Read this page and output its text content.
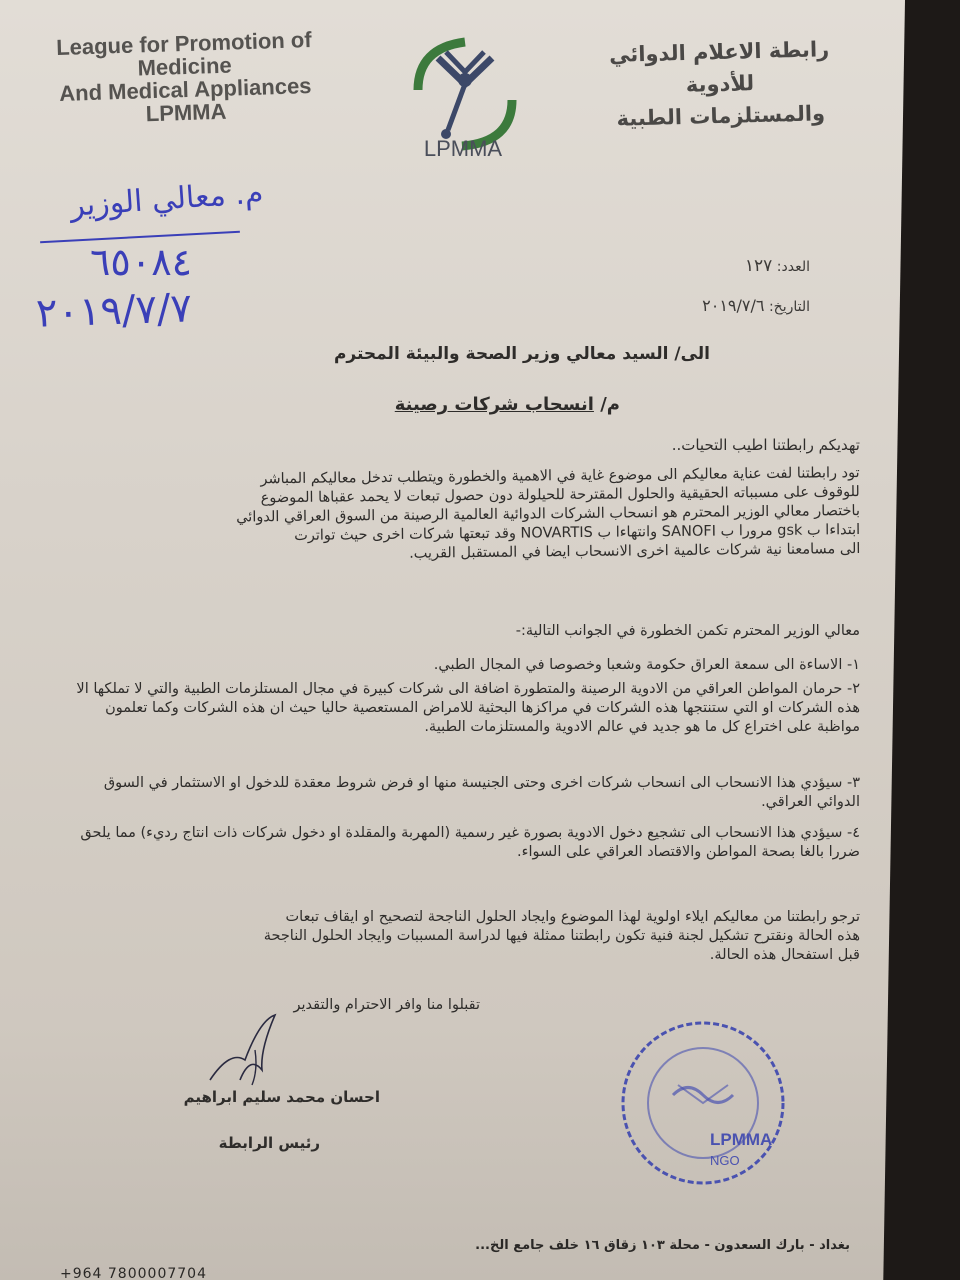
League for Promotion of
Medicine
And Medical Appliances
LPMMA
LPMMA
رابطة الاعلام الدوائي
للأدوية
والمستلزمات الطبية
م. معالي الوزير
٦٥٠٨٤
٢٠١٩/٧/٧
العدد: ١٢٧
التاريخ: ٢٠١٩/٧/٦
الى/ السيد معالي وزير الصحة والبيئة المحترم
م/ انسحاب شركات رصينة
تهديكم رابطتنا اطيب التحيات..
تود رابطتنا لفت عناية معاليكم الى موضوع غاية في الاهمية والخطورة ويتطلب تدخل معاليكم المباشر
للوقوف على مسبباته الحقيقية والحلول المقترحة للحيلولة دون حصول تبعات لا يحمد عقباها الموضوع
باختصار معالي الوزير المحترم هو انسحاب الشركات الدوائية العالمية الرصينة من السوق العراقي الدوائي
ابتداءا ب gsk مرورا ب SANOFI وانتهاءا ب NOVARTIS وقد تبعتها شركات اخرى حيث تواترت
الى مسامعنا نية شركات عالمية اخرى الانسحاب ايضا في المستقبل القريب.
معالي الوزير المحترم تكمن الخطورة في الجوانب التالية:-
١- الاساءة الى سمعة العراق حكومة وشعبا وخصوصا في المجال الطبي.
٢- حرمان المواطن العراقي من الادوية الرصينة والمتطورة اضافة الى شركات كبيرة في مجال المستلزمات الطبية والتي لا تملكها الا هذه الشركات او التي ستنتجها هذه الشركات في مراكزها البحثية للامراض المستعصية حاليا حيث ان هذه الشركات وكما تعلمون مواظبة على اختراع كل ما هو جديد في عالم الادوية والمستلزمات الطبية.
٣- سيؤدي هذا الانسحاب الى انسحاب شركات اخرى وحتى الجنيسة منها او فرض شروط معقدة للدخول او الاستثمار في السوق الدوائي العراقي.
٤- سيؤدي هذا الانسحاب الى تشجيع دخول الادوية بصورة غير رسمية (المهربة والمقلدة او دخول شركات ذات انتاج رديء) مما يلحق ضررا بالغا بصحة المواطن والاقتصاد العراقي على السواء.
ترجو رابطتنا من معاليكم ايلاء اولوية لهذا الموضوع وايجاد الحلول الناجحة لتصحيح او ايقاف تبعات
هذه الحالة ونقترح تشكيل لجنة فنية تكون رابطتنا ممثلة فيها لدراسة المسببات وايجاد الحلول الناجحة
قبل استفحال هذه الحالة.
تقبلوا منا وافر الاحترام والتقدير
احسان محمد سليم ابراهيم
رئيس الرابطة	LPMMA
NGO
بغداد - بارك السعدون - محلة ١٠٣ زقاق ١٦ خلف جامع الخ...
+964 7800007704
